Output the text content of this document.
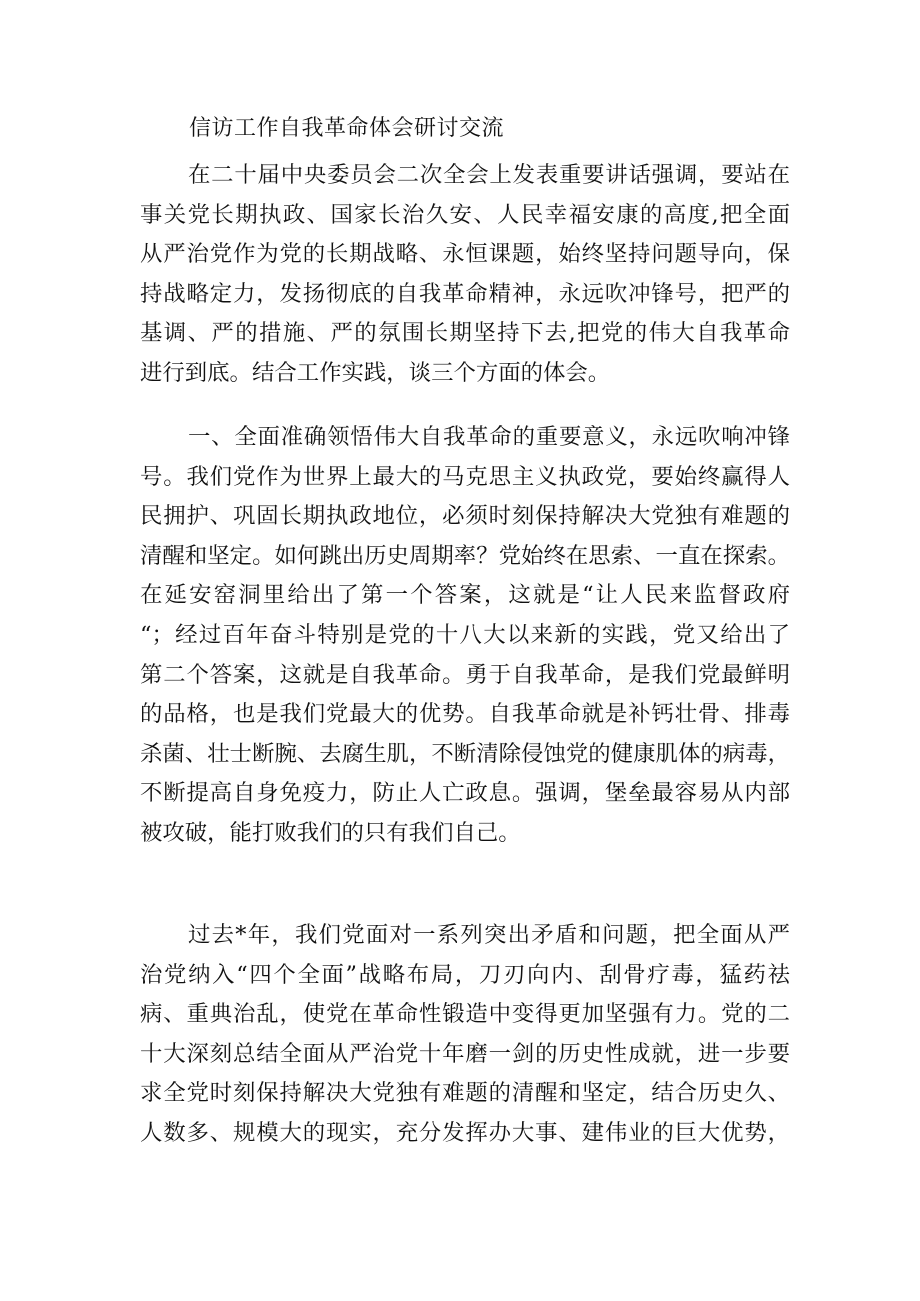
信访工作自我革命体会研讨交流
在二十届中央委员会二次全会上发表重要讲话强调，要站在
事关党长期执政、国家长治久安、人民幸福安康的高度,把全面
从严治党作为党的长期战略、永恒课题，始终坚持问题导向，保
持战略定力，发扬彻底的自我革命精神，永远吹冲锋号，把严的
基调、严的措施、严的氛围长期坚持下去,把党的伟大自我革命
进行到底。结合工作实践，谈三个方面的体会。
一、全面准确领悟伟大自我革命的重要意义，永远吹响冲锋
号。我们党作为世界上最大的马克思主义执政党，要始终赢得人
民拥护、巩固长期执政地位，必须时刻保持解决大党独有难题的
清醒和坚定。如何跳出历史周期率？党始终在思索、一直在探索。
在延安窑洞里给出了第一个答案，这就是“让人民来监督政府
“；经过百年奋斗特别是党的十八大以来新的实践，党又给出了
第二个答案，这就是自我革命。勇于自我革命，是我们党最鲜明
的品格，也是我们党最大的优势。自我革命就是补钙壮骨、排毒
杀菌、壮士断腕、去腐生肌，不断清除侵蚀党的健康肌体的病毒，
不断提高自身免疫力，防止人亡政息。强调，堡垒最容易从内部
被攻破，能打败我们的只有我们自己。
过去*年，我们党面对一系列突出矛盾和问题，把全面从严
治党纳入“四个全面”战略布局，刀刃向内、刮骨疗毒，猛药祛
病、重典治乱，使党在革命性锻造中变得更加坚强有力。党的二
十大深刻总结全面从严治党十年磨一剑的历史性成就，进一步要
求全党时刻保持解决大党独有难题的清醒和坚定，结合历史久、
人数多、规模大的现实，充分发挥办大事、建伟业的巨大优势，
